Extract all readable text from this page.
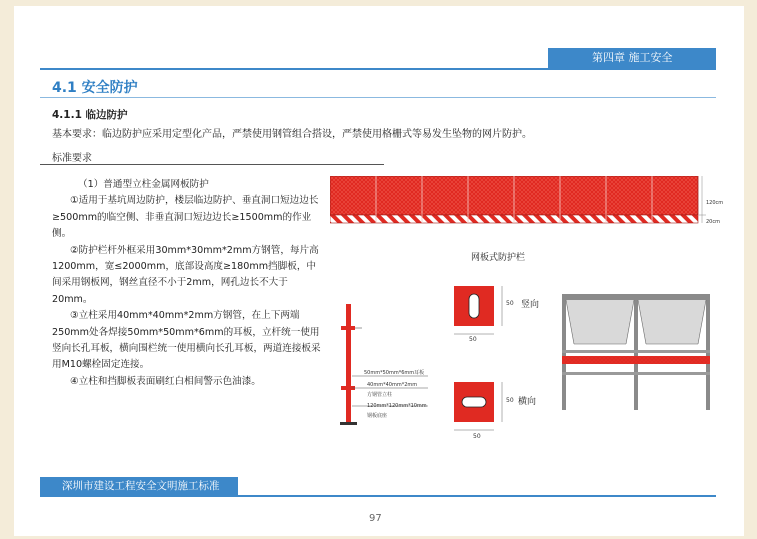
第四章 施工安全
4.1 安全防护
4.1.1 临边防护
基本要求：临边防护应采用定型化产品，严禁使用钢管组合搭设，严禁使用格栅式等易发生坠物的网片防护。
标准要求

（1）普通型立柱金属网板防护

①适用于基坑周边防护，楼层临边防护、垂直洞口短边边长≥500mm的临空侧、非垂直洞口短边边长≥1500mm的作业侧。

②防护栏杆外框采用30mm*30mm*2mm方钢管，每片高1200mm，宽≤2000mm，底部设高度≥180mm挡脚板，中间采用钢板网，钢丝直径不小于2mm，网孔边长不大于20mm。

③立柱采用40mm*40mm*2mm方钢管，在上下两端250mm处各焊接50mm*50mm*6mm的耳板，立杆统一使用竖向长孔耳板，横向围栏统一使用横向长孔耳板，两道连接板采用M10螺栓固定连接。

④立柱和挡脚板表面刷红白相间警示色油漆。

120cm
20cm
网板式防护栏
50mm*50mm*6mm耳板
40mm*40mm*2mm
方钢管立柱
120mm*120mm*10mm
钢板底座
50
50
竖向
50
50
横向
深圳市建设工程安全文明施工标准
97
